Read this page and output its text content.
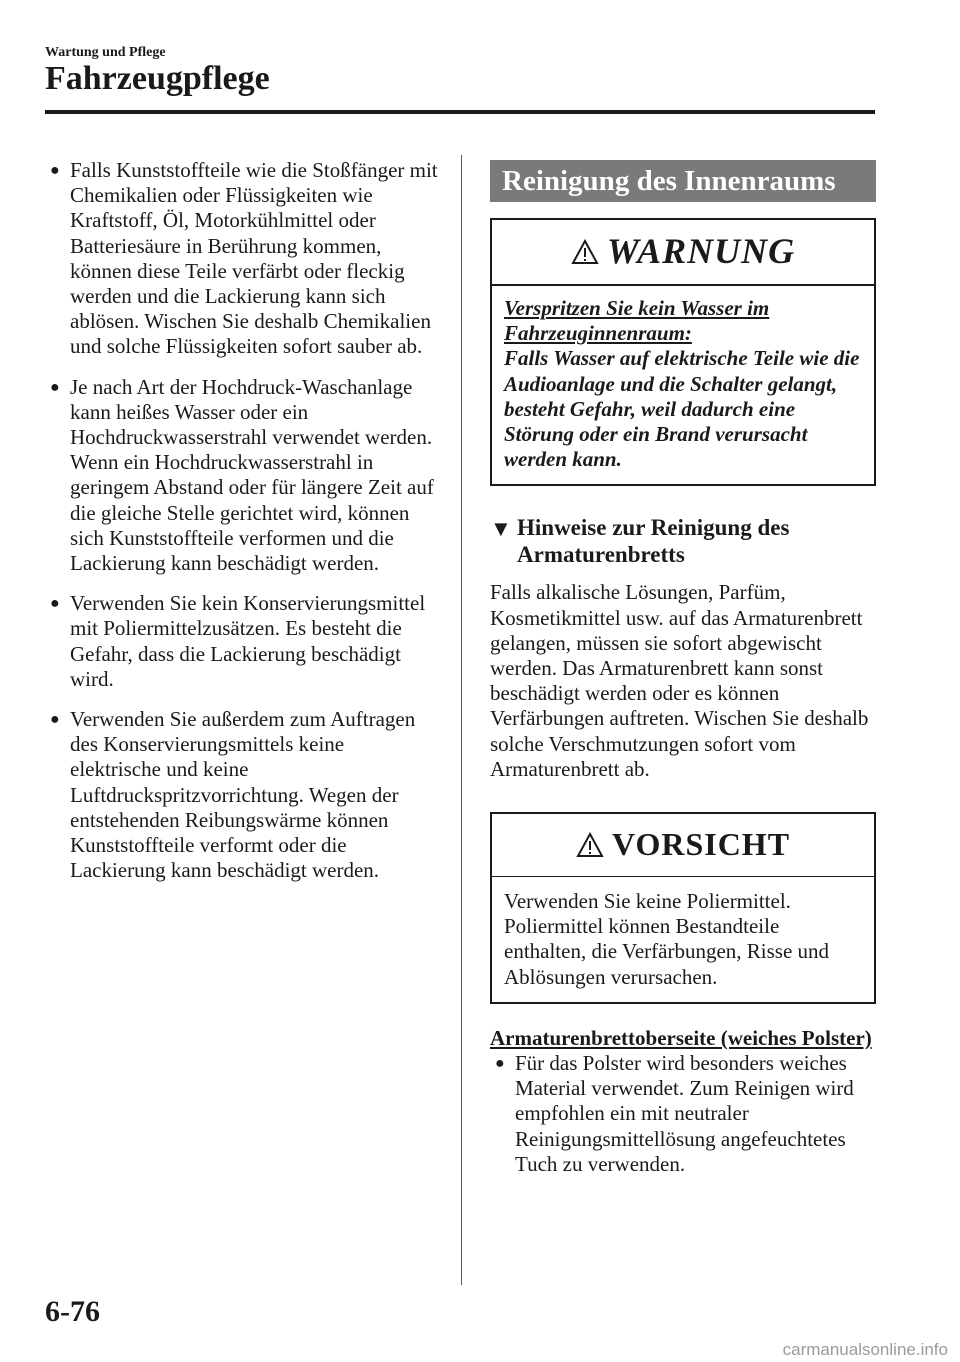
Wartung und Pflege
Fahrzeugpflege
● Falls Kunststoffteile wie die Stoßfänger mit Chemikalien oder Flüssigkeiten wie Kraftstoff, Öl, Motorkühlmittel oder Batteriesäure in Berührung kommen, können diese Teile verfärbt oder fleckig werden und die Lackierung kann sich ablösen. Wischen Sie deshalb Chemikalien und solche Flüssigkeiten sofort sauber ab.
● Je nach Art der Hochdruck-Waschanlage kann heißes Wasser oder ein Hochdruckwasserstrahl verwendet werden. Wenn ein Hochdruckwasserstrahl in geringem Abstand oder für längere Zeit auf die gleiche Stelle gerichtet wird, können sich Kunststoffteile verformen und die Lackierung kann beschädigt werden.
● Verwenden Sie kein Konservierungsmittel mit Poliermittelzusätzen. Es besteht die Gefahr, dass die Lackierung beschädigt wird.
● Verwenden Sie außerdem zum Auftragen des Konservierungsmittels keine elektrische und keine Luftdruckspritzvorrichtung. Wegen der entstehenden Reibungswärme können Kunststoffteile verformt oder die Lackierung kann beschädigt werden.
Reinigung des Innenraums
WARNUNG
Verspritzen Sie kein Wasser im Fahrzeuginnenraum:
Falls Wasser auf elektrische Teile wie die Audioanlage und die Schalter gelangt, besteht Gefahr, weil dadurch eine Störung oder ein Brand verursacht werden kann.
▼ Hinweise zur Reinigung des Armaturenbretts
Falls alkalische Lösungen, Parfüm, Kosmetikmittel usw. auf das Armaturenbrett gelangen, müssen sie sofort abgewischt werden. Das Armaturenbrett kann sonst beschädigt werden oder es können Verfärbungen auftreten. Wischen Sie deshalb solche Verschmutzungen sofort vom Armaturenbrett ab.
VORSICHT
Verwenden Sie keine Poliermittel. Poliermittel können Bestandteile enthalten, die Verfärbungen, Risse und Ablösungen verursachen.
Armaturenbrettoberseite (weiches Polster)
● Für das Polster wird besonders weiches Material verwendet. Zum Reinigen wird empfohlen ein mit neutraler Reinigungsmittellösung angefeuchtetes Tuch zu verwenden.
6-76
carmanualsonline.info
